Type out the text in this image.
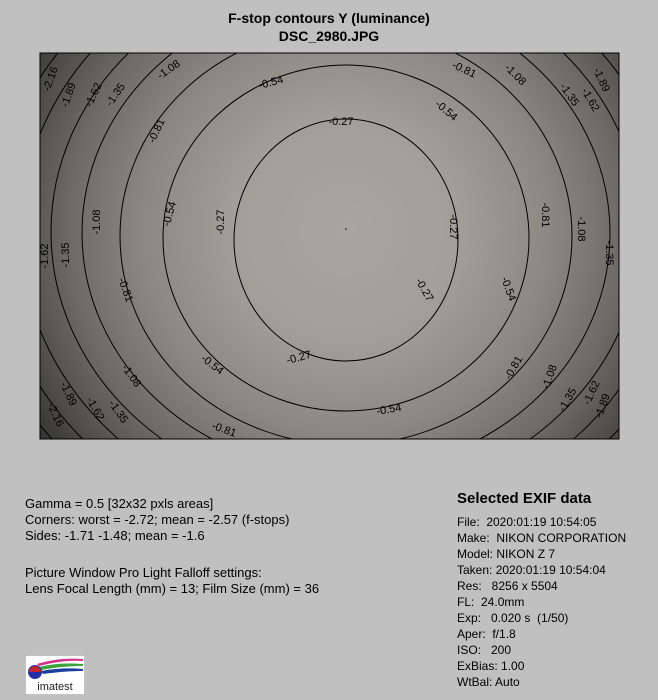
F-stop contours Y (luminance)
DSC_2980.JPG
-0.27
-0.27	-0.27
-0.27
-0.27
-0.54
-0.54
-0.54
-0.54
-0.54
-0.54
-0.81
-0.81
-0.81
-0.81
-0.81
-0.81
-1.08	-1.08
-1.08	-1.08
-1.08	-1.08
-1.35	-1.35
-1.35	-1.35
-1.35	-1.35
-1.62	-1.62
-1.62
-1.62
-1.62
-1.89
-1.89
-1.89	-1.89
-2.16
-2.16
Gamma = 0.5 [32x32 pxls areas]
Corners: worst = -2.72; mean = -2.57 (f-stops)
Sides: -1.71 -1.48; mean = -1.6
Picture Window Pro Light Falloff settings:
Lens Focal Length (mm) = 13; Film Size (mm) = 36
Selected EXIF data
File:  2020:01:19 10:54:05
Make:  NIKON CORPORATION
Model: NIKON Z 7
Taken: 2020:01:19 10:54:04
Res:   8256 x 5504
FL:  24.0mm
Exp:   0.020 s  (1/50)
Aper:  f/1.8
ISO:   200
ExBias: 1.00
WtBal: Auto
imatest
